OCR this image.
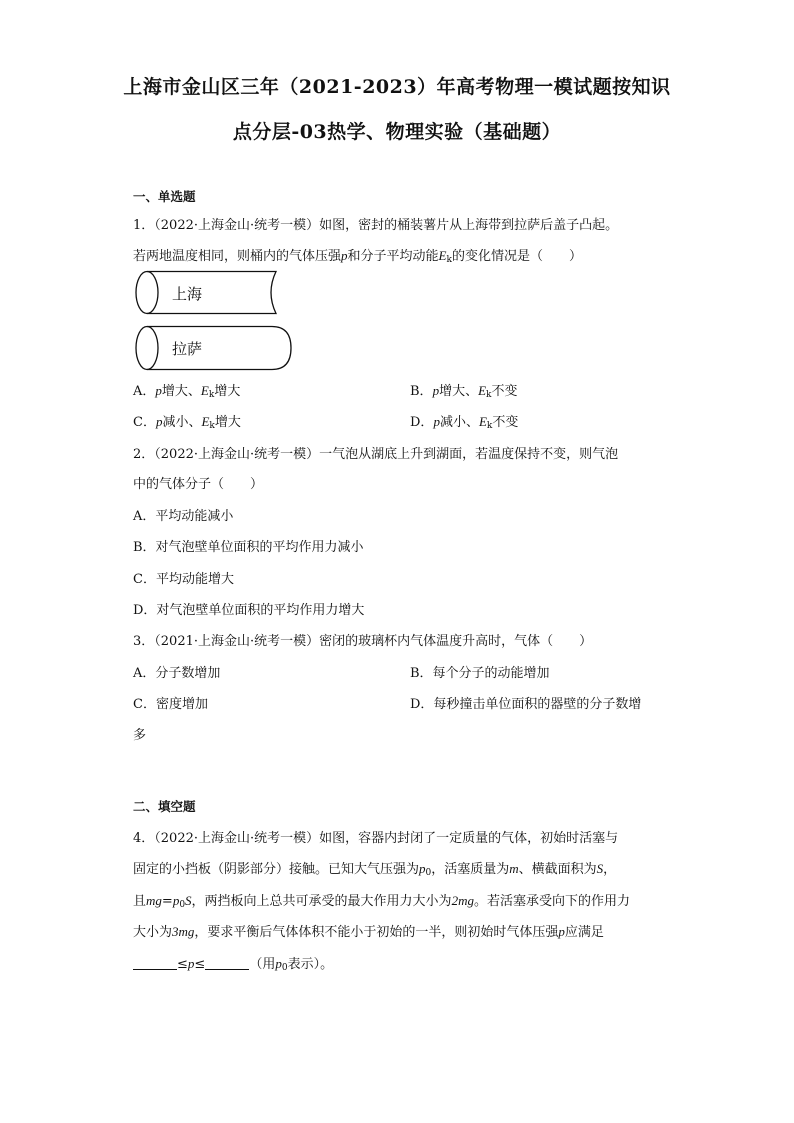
上海市金山区三年（2021-2023）年高考物理一模试题按知识
点分层-03热学、物理实验（基础题）
一、单选题
1．（2022·上海金山·统考一模）如图，密封的桶装薯片从上海带到拉萨后盖子凸起。
若两地温度相同，则桶内的气体压强p和分子平均动能$E_k$的变化情况是（　　）
上海
拉萨
A．p增大、$E_k$增大	B．p增大、$E_k$不变
C．p减小、$E_k$增大	D．p减小、$E_k$不变
2．（2022·上海金山·统考一模）一气泡从湖底上升到湖面，若温度保持不变，则气泡
中的气体分子（　　）
A．平均动能减小
B．对气泡壁单位面积的平均作用力减小
C．平均动能增大
D．对气泡壁单位面积的平均作用力增大
3．（2021·上海金山·统考一模）密闭的玻璃杯内气体温度升高时，气体（　　）
A．分子数增加	B．每个分子的动能增加
C．密度增加	D．每秒撞击单位面积的器壁的分子数增
多
二、填空题
4．（2022·上海金山·统考一模）如图，容器内封闭了一定质量的气体，初始时活塞与
固定的小挡板（阴影部分）接触。已知大气压强为$p_0$，活塞质量为m、横截面积为S，
且$mg=p_0S$，两挡板向上总共可承受的最大作用力大小为2mg。若活塞承受向下的作用力
大小为3mg，要求平衡后气体体积不能小于初始的一半，则初始时气体压强p应满足
≤p≤	（用$p_0$表示）。
